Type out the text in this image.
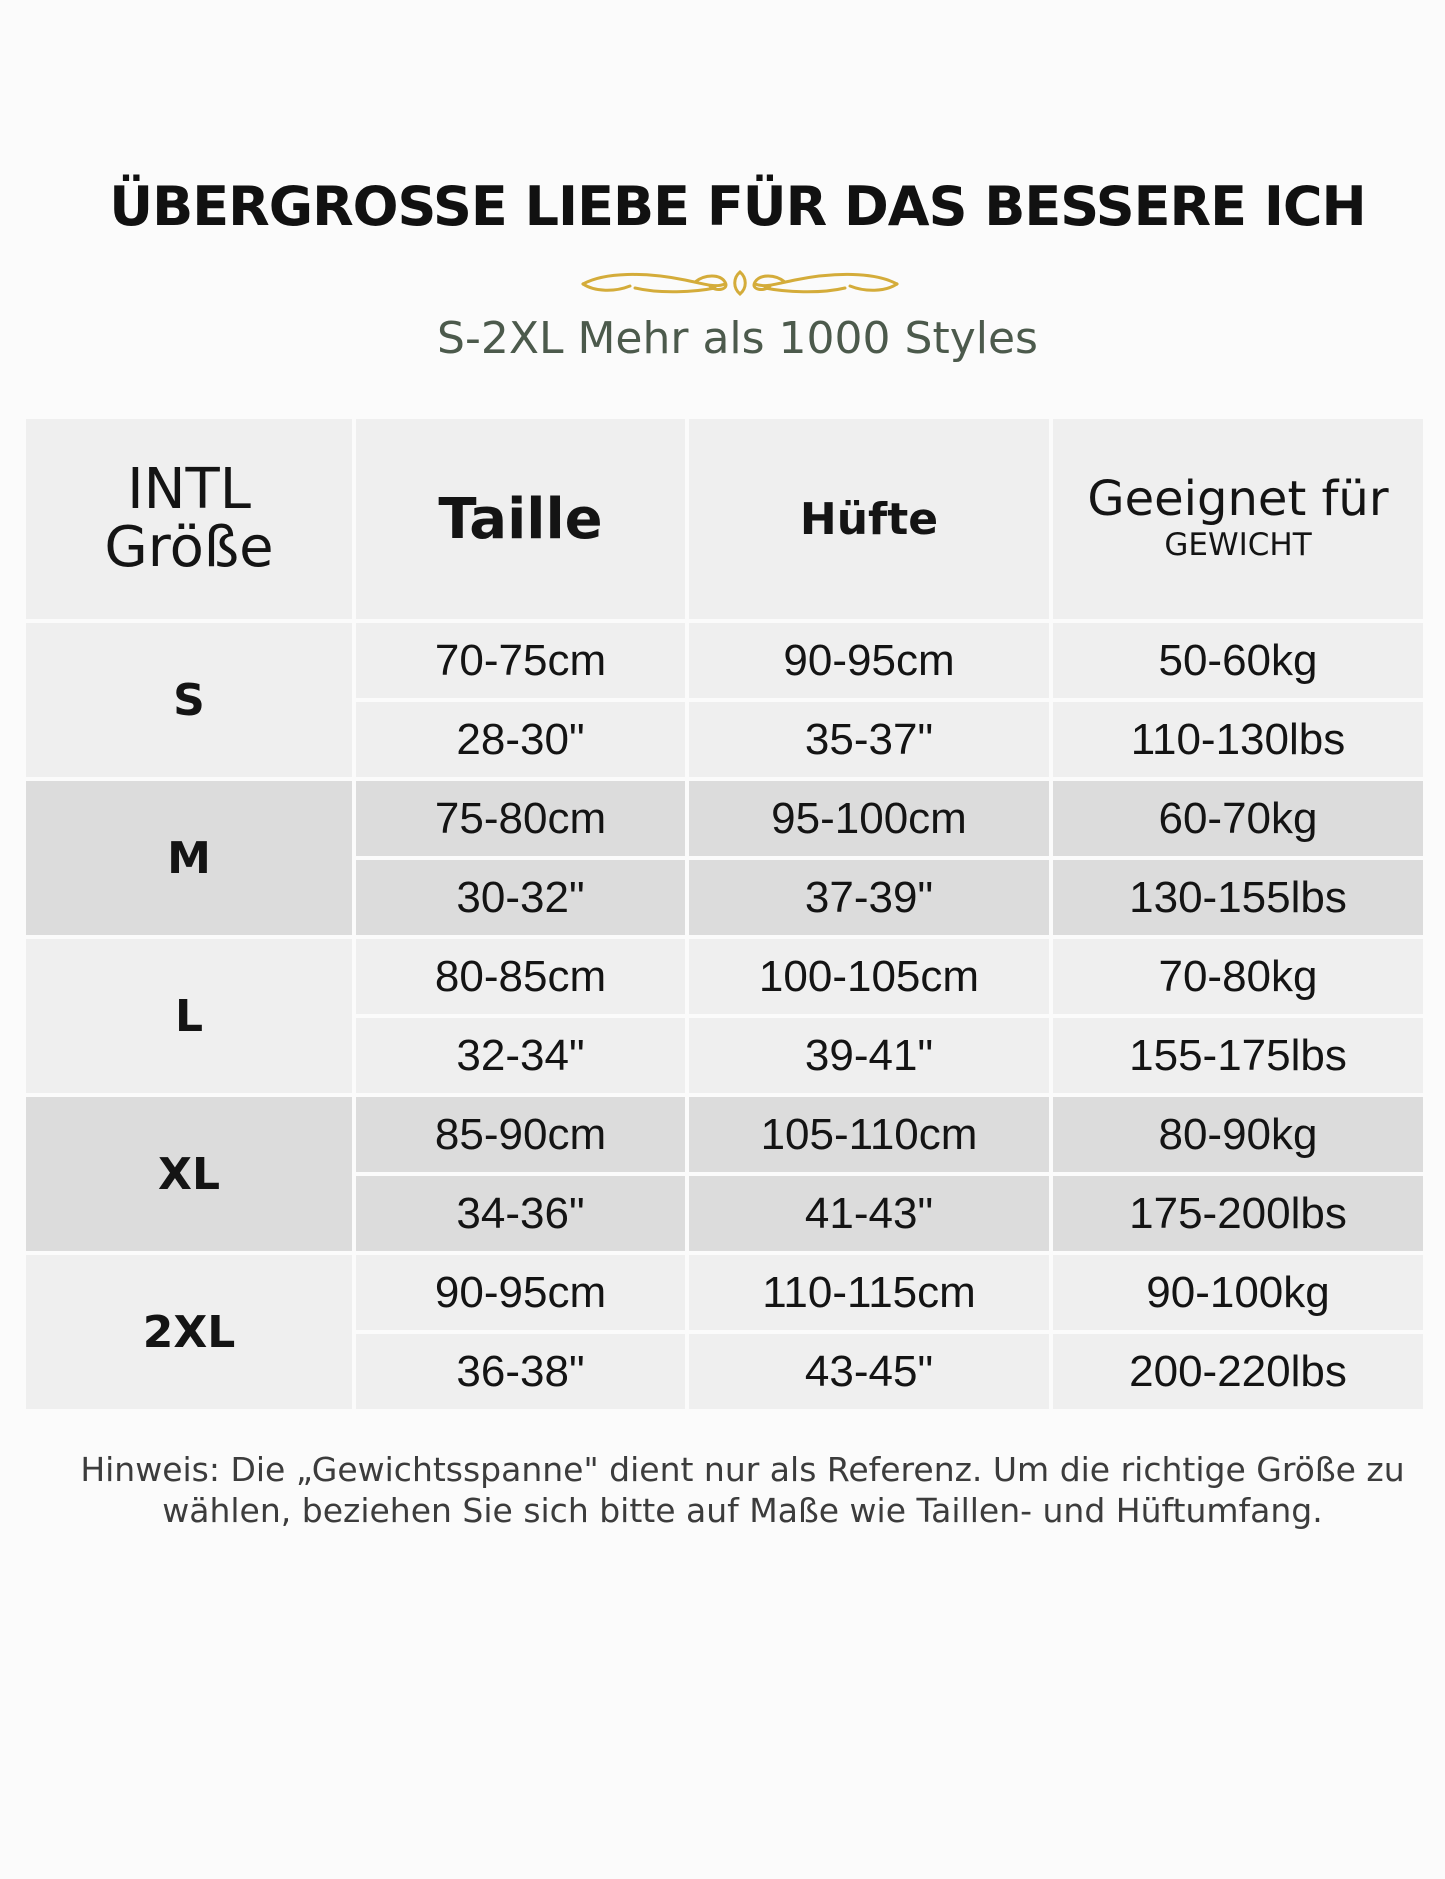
ÜBERGROSSE LIEBE FÜR DAS BESSERE ICH
S-2XL Mehr als 1000 Styles
INTL
Größe	Taille	Hüfte	Geeignet für
GEWICHT

S	70-75cm	90-95cm	50-60kg
	28-30"	35-37"	110-130lbs
M	75-80cm	95-100cm	60-70kg
	30-32"	37-39"	130-155lbs
L	80-85cm	100-105cm	70-80kg
	32-34"	39-41"	155-175lbs
XL	85-90cm	105-110cm	80-90kg
	34-36"	41-43"	175-200lbs
2XL	90-95cm	110-115cm	90-100kg
	36-38"	43-45"	200-220lbs
Hinweis: Die „Gewichtsspanne" dient nur als Referenz. Um die richtige Größe zu
wählen, beziehen Sie sich bitte auf Maße wie Taillen- und Hüftumfang.
